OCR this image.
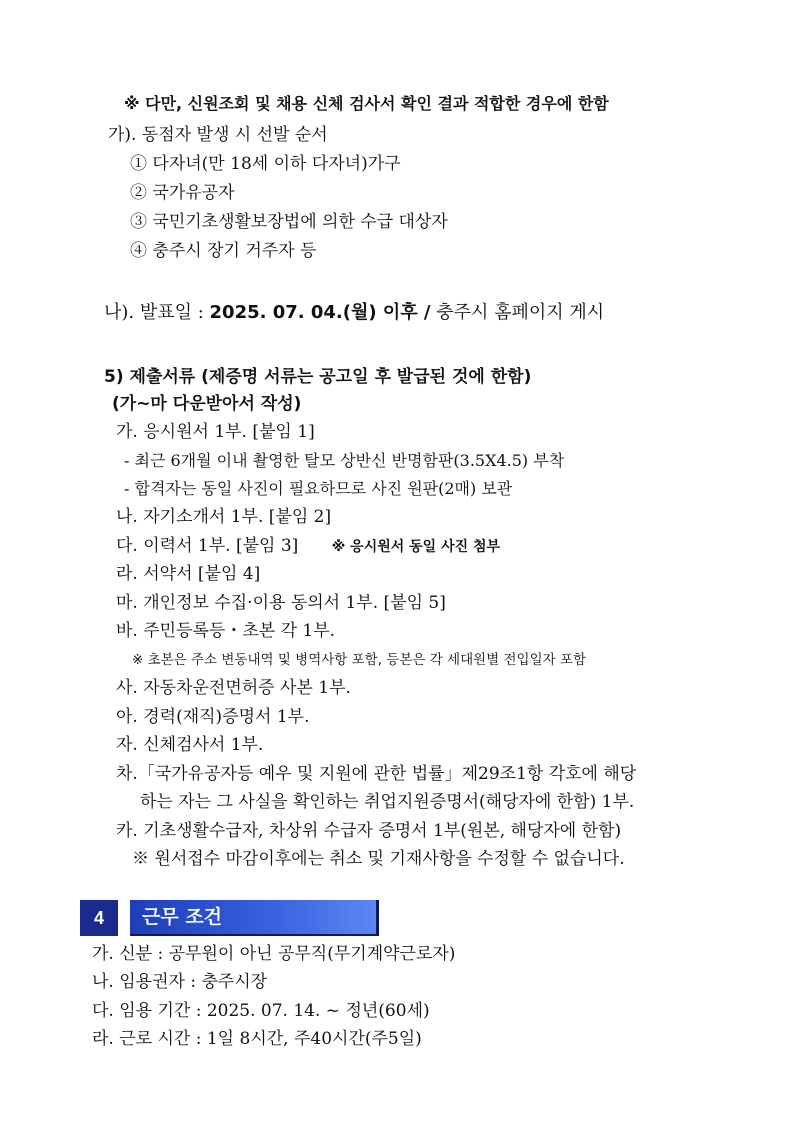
※ 다만, 신원조회 및 채용 신체 검사서 확인 결과 적합한 경우에 한함
가). 동점자 발생 시 선발 순서
① 다자녀(만 18세 이하 다자녀)가구
② 국가유공자
③ 국민기초생활보장법에 의한 수급 대상자
④ 충주시 장기 거주자 등
나). 발표일 : 2025. 07. 04.(월) 이후 / 충주시 홈페이지 게시
5) 제출서류 (제증명 서류는 공고일 후 발급된 것에 한함)
(가~마 다운받아서 작성)
가. 응시원서 1부. [붙임 1]
- 최근 6개월 이내 촬영한 탈모 상반신 반명함판(3.5X4.5) 부착
- 합격자는 동일 사진이 필요하므로 사진 원판(2매) 보관
나. 자기소개서 1부. [붙임 2]
다. 이력서 1부. [붙임 3] ※ 응시원서 동일 사진 첨부
라. 서약서 [붙임 4]
마. 개인정보 수집·이용 동의서 1부. [붙임 5]
바. 주민등록등・초본 각 1부.
※ 초본은 주소 변동내역 및 병역사항 포함, 등본은 각 세대원별 전입일자 포함
사. 자동차운전면허증 사본 1부.
아. 경력(재직)증명서 1부.
자. 신체검사서 1부.
차.「국가유공자등 예우 및 지원에 관한 법률」제29조1항 각호에 해당
하는 자는 그 사실을 확인하는 취업지원증명서(해당자에 한함) 1부.
카. 기초생활수급자, 차상위 수급자 증명서 1부(원본, 해당자에 한함)
※ 원서접수 마감이후에는 취소 및 기재사항을 수정할 수 없습니다.
4	근무 조건
가. 신분 : 공무원이 아닌 공무직(무기계약근로자)
나. 임용권자 : 충주시장
다. 임용 기간 : 2025. 07. 14. ~ 정년(60세)
라. 근로 시간 : 1일 8시간, 주40시간(주5일)
